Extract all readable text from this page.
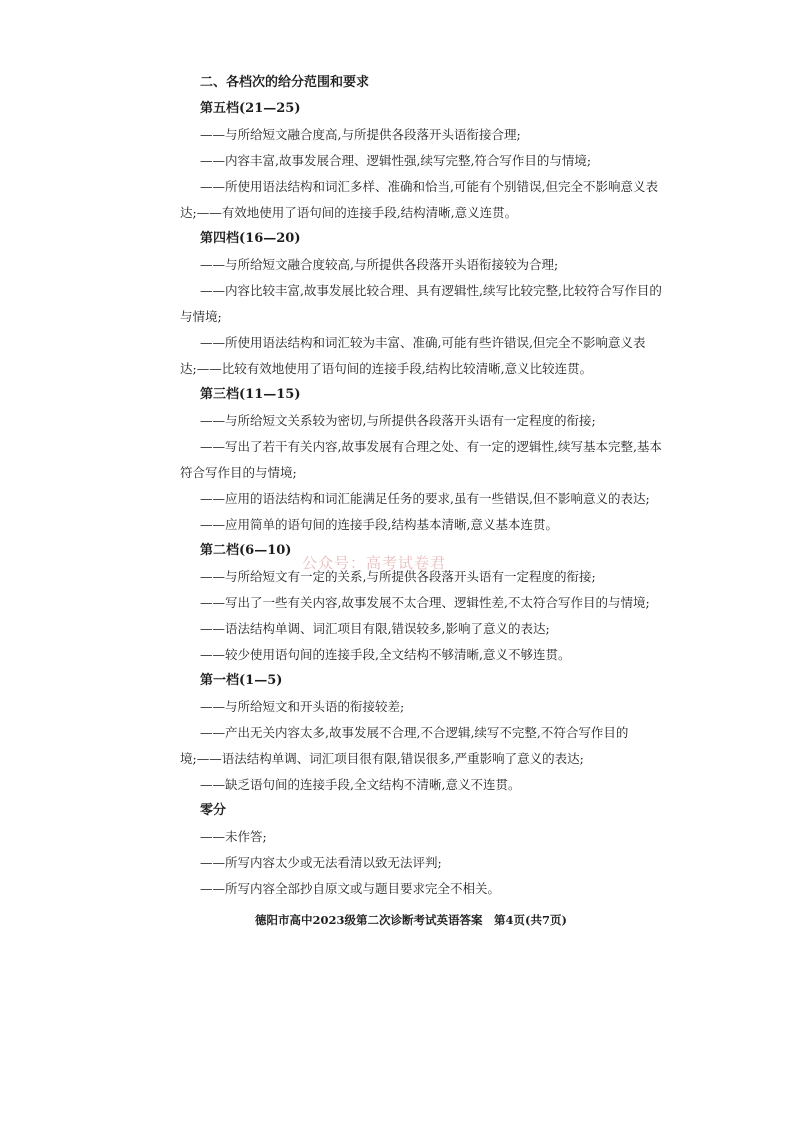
二、各档次的给分范围和要求
第五档(21—25)
——与所给短文融合度高,与所提供各段落开头语衔接合理;
——内容丰富,故事发展合理、逻辑性强,续写完整,符合写作目的与情境;
——所使用语法结构和词汇多样、准确和恰当,可能有个别错误,但完全不影响意义表
达;——有效地使用了语句间的连接手段,结构清晰,意义连贯。
第四档(16—20)
——与所给短文融合度较高,与所提供各段落开头语衔接较为合理;
——内容比较丰富,故事发展比较合理、具有逻辑性,续写比较完整,比较符合写作目的
与情境;
——所使用语法结构和词汇较为丰富、准确,可能有些许错误,但完全不影响意义表
达;——比较有效地使用了语句间的连接手段,结构比较清晰,意义比较连贯。
第三档(11—15)
——与所给短文关系较为密切,与所提供各段落开头语有一定程度的衔接;
——写出了若干有关内容,故事发展有合理之处、有一定的逻辑性,续写基本完整,基本
符合写作目的与情境;
——应用的语法结构和词汇能满足任务的要求,虽有一些错误,但不影响意义的表达;
——应用简单的语句间的连接手段,结构基本清晰,意义基本连贯。
第二档(6—10)
——与所给短文有一定的关系,与所提供各段落开头语有一定程度的衔接;
——写出了一些有关内容,故事发展不太合理、逻辑性差,不太符合写作目的与情境;
——语法结构单调、词汇项目有限,错误较多,影响了意义的表达;
——较少使用语句间的连接手段,全文结构不够清晰,意义不够连贯。
第一档(1—5)
——与所给短文和开头语的衔接较差;
——产出无关内容太多,故事发展不合理,不合逻辑,续写不完整,不符合写作目的
境;——语法结构单调、词汇项目很有限,错误很多,严重影响了意义的表达;
——缺乏语句间的连接手段,全文结构不清晰,意义不连贯。
零分
——未作答;
——所写内容太少或无法看清以致无法评判;
——所写内容全部抄自原文或与题目要求完全不相关。
公众号：高考试卷君
德阳市高中2023级第二次诊断考试英语答案　第4页(共7页)
